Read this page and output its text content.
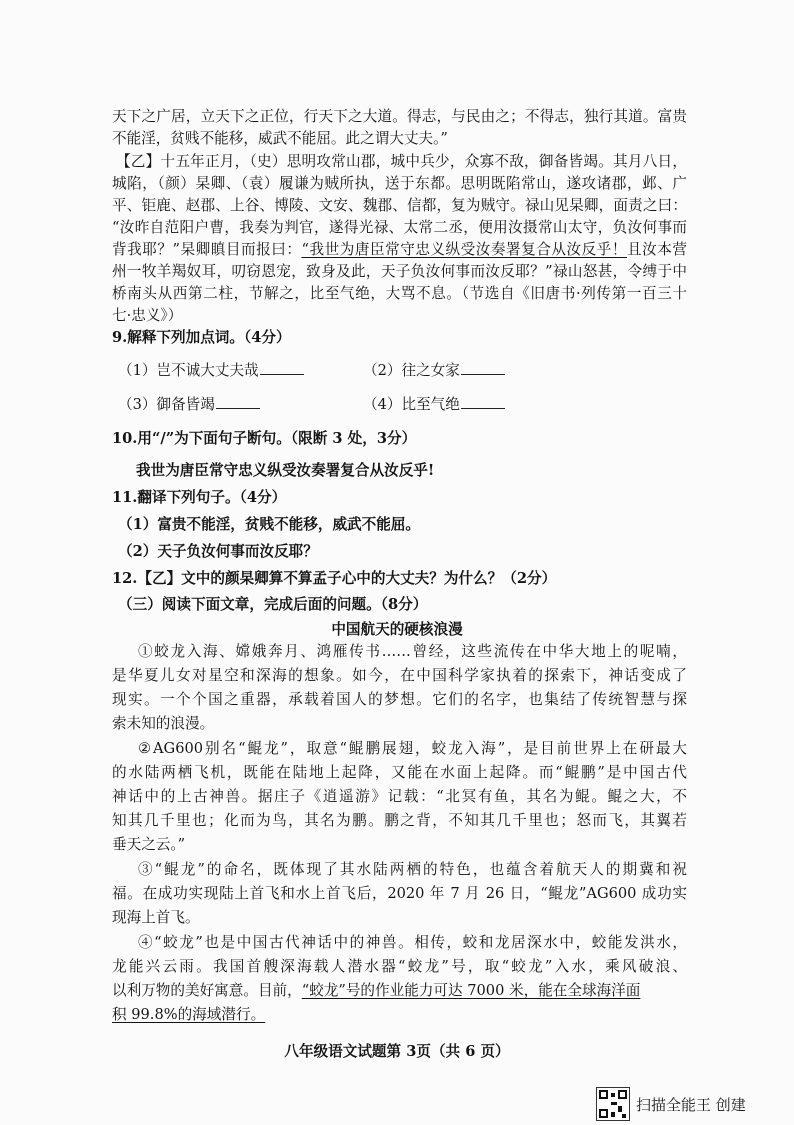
天下之广居，立天下之正位，行天下之大道。得志，与民由之；不得志，独行其道。富贵
不能淫，贫贱不能移，威武不能屈。此之谓大丈夫。”
【乙】十五年正月，（史）思明攻常山郡，城中兵少，众寡不敌，御备皆竭。其月八日，
城陷，（颜）杲卿、（袁）履谦为贼所执，送于东都。思明既陷常山，遂攻诸郡，邺、广
平、钜鹿、赵郡、上谷、博陵、文安、魏郡、信都，复为贼守。禄山见杲卿，面责之曰：
“汝昨自范阳户曹，我奏为判官，遂得光禄、太常二丞，便用汝摄常山太守，负汝何事而
背我耶？”杲卿瞋目而报曰：“我世为唐臣常守忠义纵受汝奏署复合从汝反乎！且汝本营
州一牧羊羯奴耳，叨窃恩宠，致身及此，天子负汝何事而汝反耶？”禄山怒甚，令缚于中
桥南头从西第二柱，节解之，比至气绝，大骂不息。（节选自《旧唐书·列传第一百三十
七·忠义》）
9.解释下列加点词。（4分）
（1）岂不诚大丈夫哉	（2）往之女家
（3）御备皆竭	（4）比至气绝
10.用“/”为下面句子断句。（限断 3 处，3分）
我世为唐臣常守忠义纵受汝奏署复合从汝反乎!
11.翻译下列句子。（4分）
（1）富贵不能淫，贫贱不能移，威武不能屈。
（2）天子负汝何事而汝反耶？
12.【乙】文中的颜杲卿算不算孟子心中的大丈夫？为什么？（2分）
（三）阅读下面文章，完成后面的问题。（8分）
中国航天的硬核浪漫
①蛟龙入海、嫦娥奔月、鸿雁传书……曾经，这些流传在中华大地上的呢喃，
是华夏儿女对星空和深海的想象。如今，在中国科学家执着的探索下，神话变成了
现实。一个个国之重器，承载着国人的梦想。它们的名字，也集结了传统智慧与探
索未知的浪漫。
②AG600别名“鲲龙”，取意“鲲鹏展翅，蛟龙入海”，是目前世界上在研最大
的水陆两栖飞机，既能在陆地上起降，又能在水面上起降。而“鲲鹏”是中国古代
神话中的上古神兽。据庄子《逍遥游》记载：“北冥有鱼，其名为鲲。鲲之大，不
知其几千里也；化而为鸟，其名为鹏。鹏之背，不知其几千里也；怒而飞，其翼若
垂天之云。”
③“鲲龙”的命名，既体现了其水陆两栖的特色，也蕴含着航天人的期冀和祝
福。在成功实现陆上首飞和水上首飞后，2020 年 7 月 26 日，“鲲龙”AG600 成功实
现海上首飞。
④“蛟龙”也是中国古代神话中的神兽。相传，蛟和龙居深水中，蛟能发洪水，
龙能兴云雨。我国首艘深海载人潜水器“蛟龙”号，取“蛟龙”入水，乘风破浪、
以利万物的美好寓意。目前，“蛟龙”号的作业能力可达 7000 米，能在全球海洋面
积 99.8%的海域潜行。
八年级语文试题第 3页（共 6 页）
扫描全能王 创建
